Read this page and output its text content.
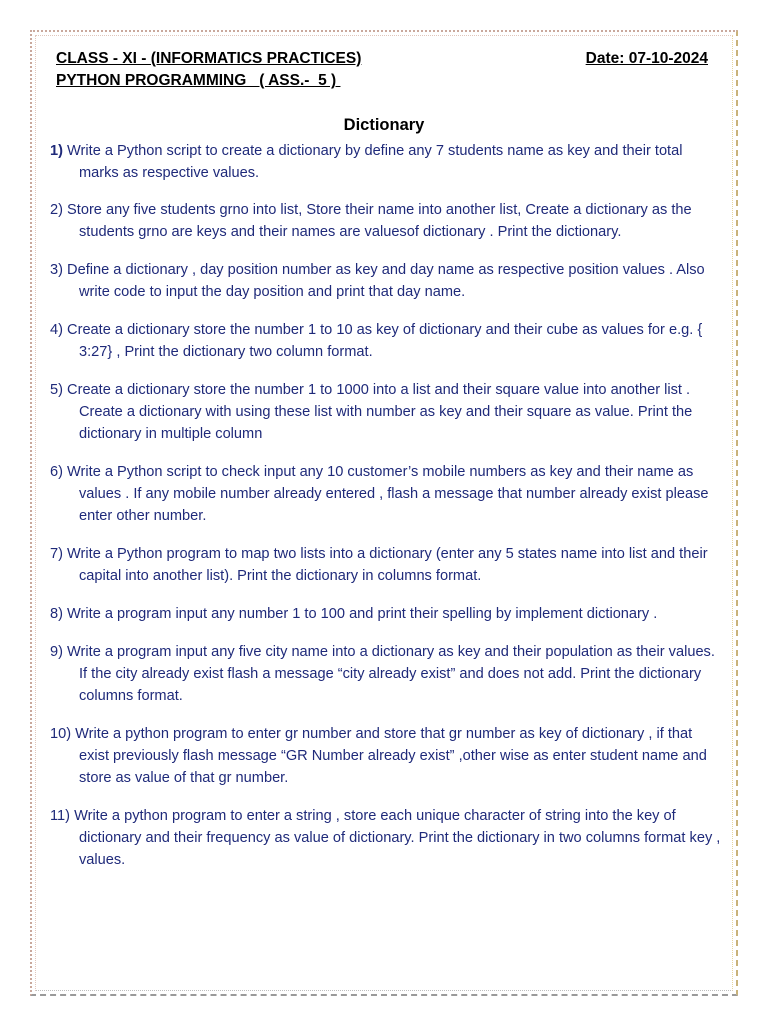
CLASS - XI - (INFORMATICS PRACTICES)	Date: 07-10-2024
PYTHON PROGRAMMING   ( ASS.-  5 )
Dictionary
1) Write a Python script to create a dictionary by define any 7 students name as key and their total marks as respective values.
2) Store any five students grno into list, Store their name into another list, Create a dictionary as the students grno are keys and their names are valuesof dictionary . Print the dictionary.
3) Define a dictionary , day position number as key and day name as respective position values . Also write code to input the day position and print that day name.
4) Create a dictionary store the number 1 to 10 as key of dictionary and their cube as values for e.g. { 3:27} , Print the dictionary two column format.
5) Create a dictionary store the number 1 to 1000 into a list and their square value into another list . Create a dictionary with using these list with number as key and their square as value. Print the dictionary in multiple column
6) Write a Python script to check input any 10 customer’s mobile numbers as key and their name as values . If any mobile number already entered , flash a message that number already exist please enter other number.
7) Write a Python program to map two lists into a dictionary (enter any 5 states name into list and their capital into another list). Print the dictionary in columns format.
8) Write a program input any number 1 to 100 and print their spelling by implement dictionary .
9) Write a program input any five city name into a dictionary as key and their population as their values. If the city already exist flash a message “city already exist” and does not add. Print the dictionary columns format.
10) Write a python program to enter gr number and store that gr number as key of dictionary , if that exist previously flash message “GR Number already exist” ,other wise as enter student name and store as value of that gr number.
11) Write a python program to enter a string , store each unique character of string into the key of dictionary and their frequency as value of dictionary. Print the dictionary in two columns format key , values.
